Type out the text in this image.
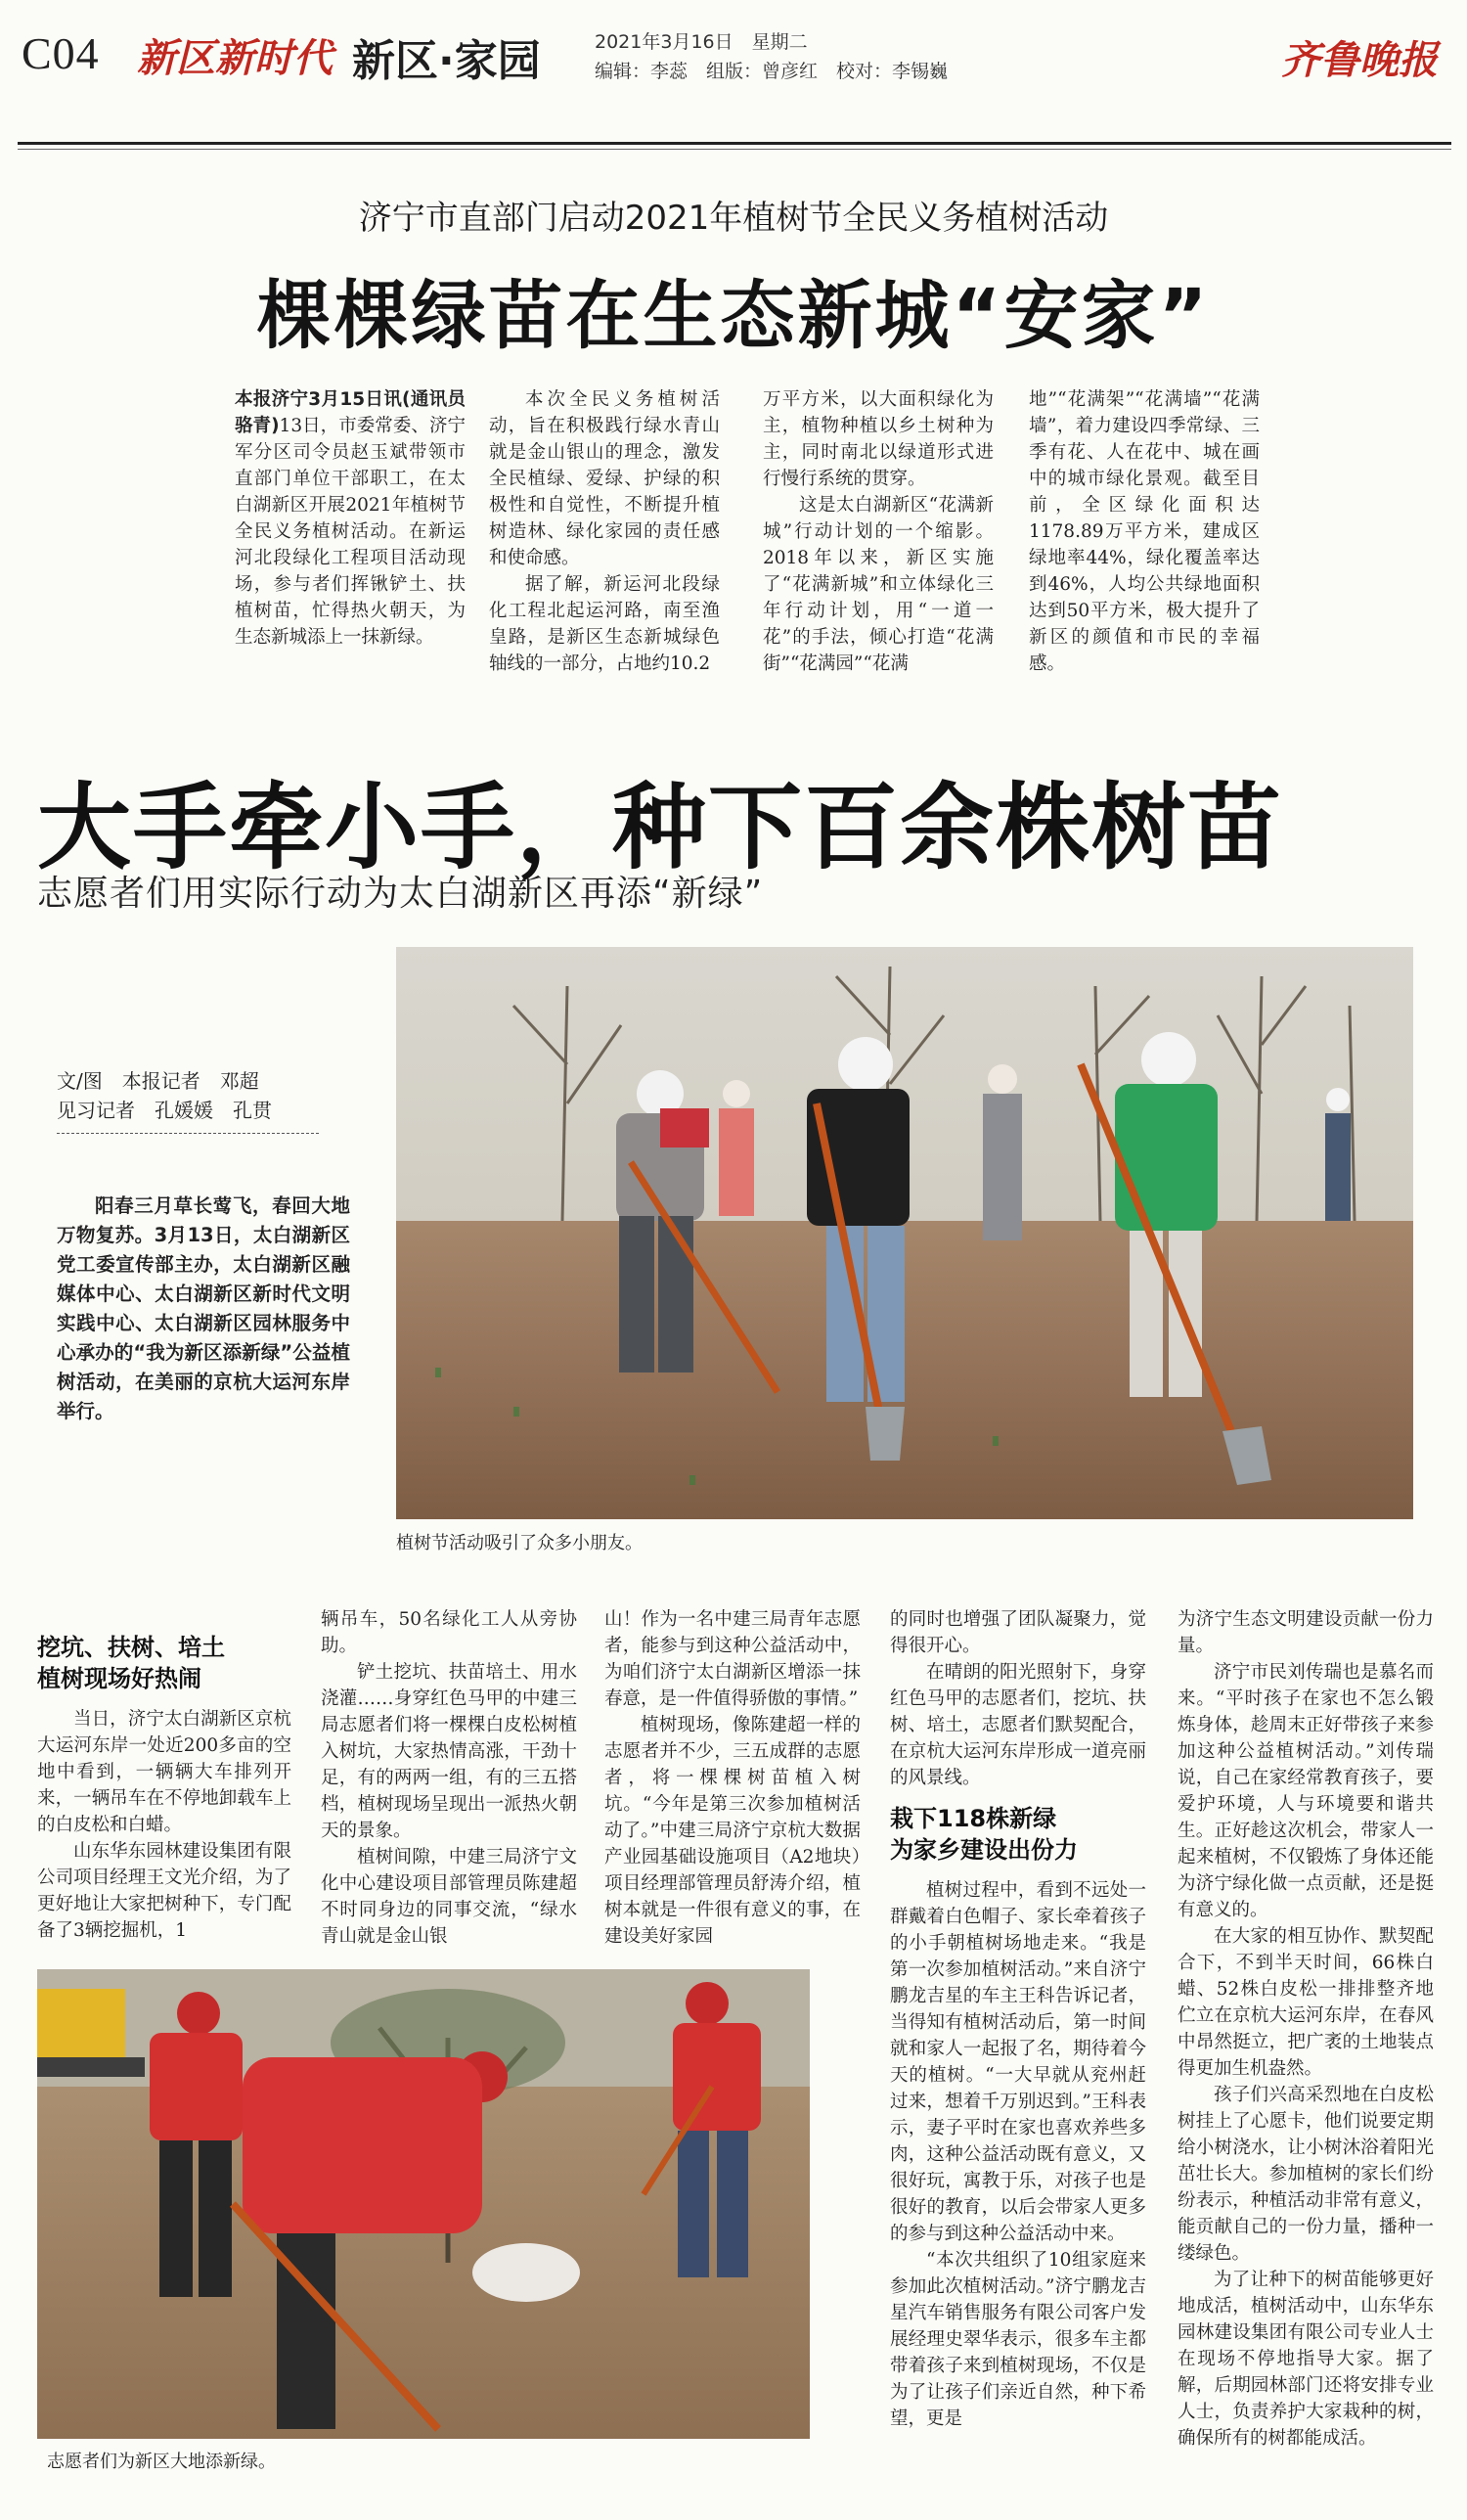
C04 新区新时代 新区·家园	2021年3月16日　星期二
编辑：李蕊　组版：曾彦红　校对：李锡巍	齐鲁晚报
济宁市直部门启动2021年植树节全民义务植树活动
棵棵绿苗在生态新城“安家”

本报济宁3月15日讯(通讯员　骆青)13日，市委常委、济宁军分区司令员赵玉斌带领市直部门单位干部职工，在太白湖新区开展2021年植树节全民义务植树活动。在新运河北段绿化工程项目活动现场，参与者们挥锹铲土、扶植树苗，忙得热火朝天，为生态新城添上一抹新绿。

本次全民义务植树活动，旨在积极践行绿水青山就是金山银山的理念，激发全民植绿、爱绿、护绿的积极性和自觉性，不断提升植树造林、绿化家园的责任感和使命感。

据了解，新运河北段绿化工程北起运河路，南至渔皇路，是新区生态新城绿色轴线的一部分，占地约10.2

万平方米，以大面积绿化为主，植物种植以乡土树种为主，同时南北以绿道形式进行慢行系统的贯穿。

这是太白湖新区“花满新城”行动计划的一个缩影。2018年以来，新区实施了“花满新城”和立体绿化三年行动计划，用“一道一花”的手法，倾心打造“花满街”“花满园”“花满

地”“花满架”“花满墙”“花满墙”，着力建设四季常绿、三季有花、人在花中、城在画中的城市绿化景观。截至目前，全区绿化面积达1178.89万平方米，建成区绿地率44%，绿化覆盖率达到46%，人均公共绿地面积达到50平方米，极大提升了新区的颜值和市民的幸福感。

大手牵小手，种下百余株树苗
志愿者们用实际行动为太白湖新区再添“新绿”
文/图　本报记者　邓超
见习记者　孔媛媛　孔贯

阳春三月草长莺飞，春回大地万物复苏。3月13日，太白湖新区党工委宣传部主办，太白湖新区融媒体中心、太白湖新区新时代文明实践中心、太白湖新区园林服务中心承办的“我为新区添新绿”公益植树活动，在美丽的京杭大运河东岸举行。

植树节活动吸引了众多小朋友。
挖坑、扶树、培土
植树现场好热闹

当日，济宁太白湖新区京杭大运河东岸一处近200多亩的空地中看到，一辆辆大车排列开来，一辆吊车在不停地卸载车上的白皮松和白蜡。

山东华东园林建设集团有限公司项目经理王文光介绍，为了更好地让大家把树种下，专门配备了3辆挖掘机，1

辆吊车，50名绿化工人从旁协助。

铲土挖坑、扶苗培土、用水浇灌……身穿红色马甲的中建三局志愿者们将一棵棵白皮松树植入树坑，大家热情高涨，干劲十足，有的两两一组，有的三五搭档，植树现场呈现出一派热火朝天的景象。

植树间隙，中建三局济宁文化中心建设项目部管理员陈建超不时同身边的同事交流，“绿水青山就是金山银

山！作为一名中建三局青年志愿者，能参与到这种公益活动中，为咱们济宁太白湖新区增添一抹春意，是一件值得骄傲的事情。”

植树现场，像陈建超一样的志愿者并不少，三五成群的志愿者，将一棵棵树苗植入树坑。“今年是第三次参加植树活动了。”中建三局济宁京杭大数据产业园基础设施项目（A2地块）项目经理部管理员舒涛介绍，植树本就是一件很有意义的事，在建设美好家园

的同时也增强了团队凝聚力，觉得很开心。

在晴朗的阳光照射下，身穿红色马甲的志愿者们，挖坑、扶树、培土，志愿者们默契配合，在京杭大运河东岸形成一道亮丽的风景线。

栽下118株新绿
为家乡建设出份力

植树过程中，看到不远处一群戴着白色帽子、家长牵着孩子的小手朝植树场地走来。“我是第一次参加植树活动。”来自济宁鹏龙吉星的车主王科告诉记者，当得知有植树活动后，第一时间就和家人一起报了名，期待着今天的植树。“一大早就从兖州赶过来，想着千万别迟到。”王科表示，妻子平时在家也喜欢养些多肉，这种公益活动既有意义，又很好玩，寓教于乐，对孩子也是很好的教育，以后会带家人更多的参与到这种公益活动中来。

“本次共组织了10组家庭来参加此次植树活动。”济宁鹏龙吉星汽车销售服务有限公司客户发展经理史翠华表示，很多车主都带着孩子来到植树现场，不仅是为了让孩子们亲近自然，种下希望，更是

为济宁生态文明建设贡献一份力量。

济宁市民刘传瑞也是慕名而来。“平时孩子在家也不怎么锻炼身体，趁周末正好带孩子来参加这种公益植树活动。”刘传瑞说，自己在家经常教育孩子，要爱护环境，人与环境要和谐共生。正好趁这次机会，带家人一起来植树，不仅锻炼了身体还能为济宁绿化做一点贡献，还是挺有意义的。

在大家的相互协作、默契配合下，不到半天时间，66株白蜡、52株白皮松一排排整齐地伫立在京杭大运河东岸，在春风中昂然挺立，把广袤的土地装点得更加生机盎然。

孩子们兴高采烈地在白皮松树挂上了心愿卡，他们说要定期给小树浇水，让小树沐浴着阳光茁壮长大。参加植树的家长们纷纷表示，种植活动非常有意义，能贡献自己的一份力量，播种一缕绿色。

为了让种下的树苗能够更好地成活，植树活动中，山东华东园林建设集团有限公司专业人士在现场不停地指导大家。据了解，后期园林部门还将安排专业人士，负责养护大家栽种的树，确保所有的树都能成活。

志愿者们为新区大地添新绿。
